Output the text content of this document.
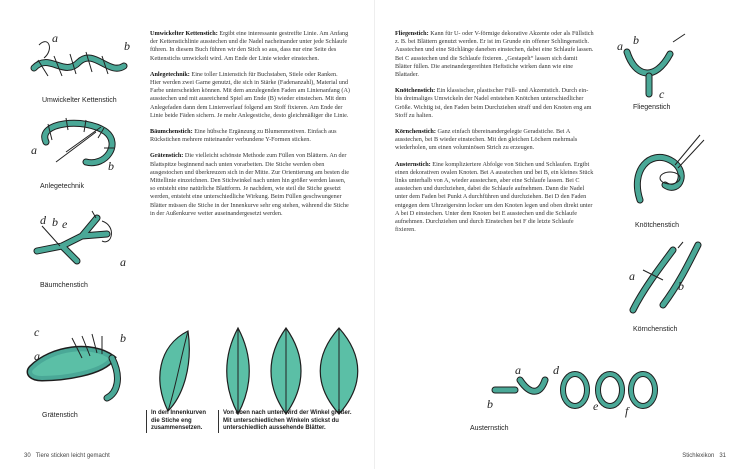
a
b
Umwickelter Kettenstich
a
b
Anlegetechnik
d b e
a
Bäumchenstich
c
a
b
Grätenstich

Umwickelter Kettenstich: Ergibt eine interessante gestreifte Linie. Am Anfang der Kettenstichlinie ausstechen und die Nadel nacheinander unter jede Schlaufe führen. In diesem Buch führen wir den Stich so aus, dass nur eine Seite des Kettenstichs umwickelt wird. Am Ende der Linie wieder einstechen.

Anlegetechnik: Eine toller Linienstich für Buchstaben, Stiele oder Ranken. Hier werden zwei Garne genutzt, die sich in Stärke (Fadenanzahl), Material und Farbe unterscheiden können. Mit dem anzulegenden Faden am Linienanfang (A) ausstechen und mit ausreichend Spiel am Ende (B) wieder einstechen. Mit dem Anlegefaden dann dem Linienverlauf folgend am Stoff fixieren. Am Ende der Linie beide Fäden sichern. Je mehr Anlegestiche, desto gleichmäßiger die Linie.

Bäumchenstich: Eine hübsche Ergänzung zu Blumenmotiven. Einfach aus Rückstichen mehrere miteinander verbundene Y-Formen sticken.

Grätenstich: Die vielleicht schönste Methode zum Füllen von Blättern. An der Blattspitze beginnend nach unten vorarbeiten. Die Stiche werden oben ausgestochen und überkreuzen sich in der Mitte. Zur Orientierung am besten die Mittellinie einzeichnen. Den Stichwinkel nach unten hin größer werden lassen, so entsteht eine natürliche Blattform. Je nachdem, wie steil die Stiche gesetzt werden, entsteht eine unterschiedliche Wirkung. Beim Füllen geschwungener Blätter müssen die Stiche in der Innenkurve sehr eng stehen, während die Stiche in der Außenkurve weiter auseinandergesetzt werden.

In den Innenkurven die Stiche eng zusammensetzen.
Von oben nach unten wird der Winkel größer. Mit unterschiedlichen Winkeln stickst du unterschiedlich aussehende Blätter.
30 Tiere sticken leicht gemacht

Fliegenstich: Kann für U- oder V-förmige dekorative Akzente oder als Füllstich z. B. bei Blättern genutzt werden. Er ist im Grunde ein offener Schlingenstich. Ausstechen und eine Stichlänge daneben einstechen, dabei eine Schlaufe lassen. Bei C ausstechen und die Schlaufe fixieren. „Gestapelt“ lassen sich damit Blätter füllen. Die aneinandergereihten Heftstiche wirken dann wie eine Blattader.

Knötchenstich: Ein klassischer, plastischer Füll- und Akzentstich. Durch ein- bis dreimaliges Umwickeln der Nadel entstehen Knötchen unterschiedlicher Größe. Wichtig ist, den Faden beim Durchziehen straff und den Knoten eng am Stoff zu halten.

Körnchenstich: Ganz einfach übereinandergelegte Geradstiche. Bei A ausstechen, bei B wieder einstechen. Mit den gleichen Löchern mehrmals wiederholen, um einen voluminösen Strich zu erzeugen.

Austernstich: Eine kompliziertere Abfolge von Stichen und Schlaufen. Ergibt einen dekorativen ovalen Knoten. Bei A ausstechen und bei B, ein kleines Stück links unterhalb von A, wieder ausstechen, aber eine Schlaufe lassen. Bei C ausstechen und durchziehen, dabei die Schlaufe aufnehmen. Dann die Nadel unter dem Faden bei Punkt A durchführen und durchziehen. Bei D den Faden entgegen dem Uhrzeigersinn locker um den Knoten legen und oben direkt unter A bei D einstechen. Unter dem Knoten bei E ausstechen und die Schlaufe aufnehmen. Durchziehen und durch Einstechen bei F die letzte Schlaufe fixieren.

a b
c
Fliegenstich
Knötchenstich
a
b
Körnchenstich
b
a	d
e f
Austernstich
Stichlexikon 31
